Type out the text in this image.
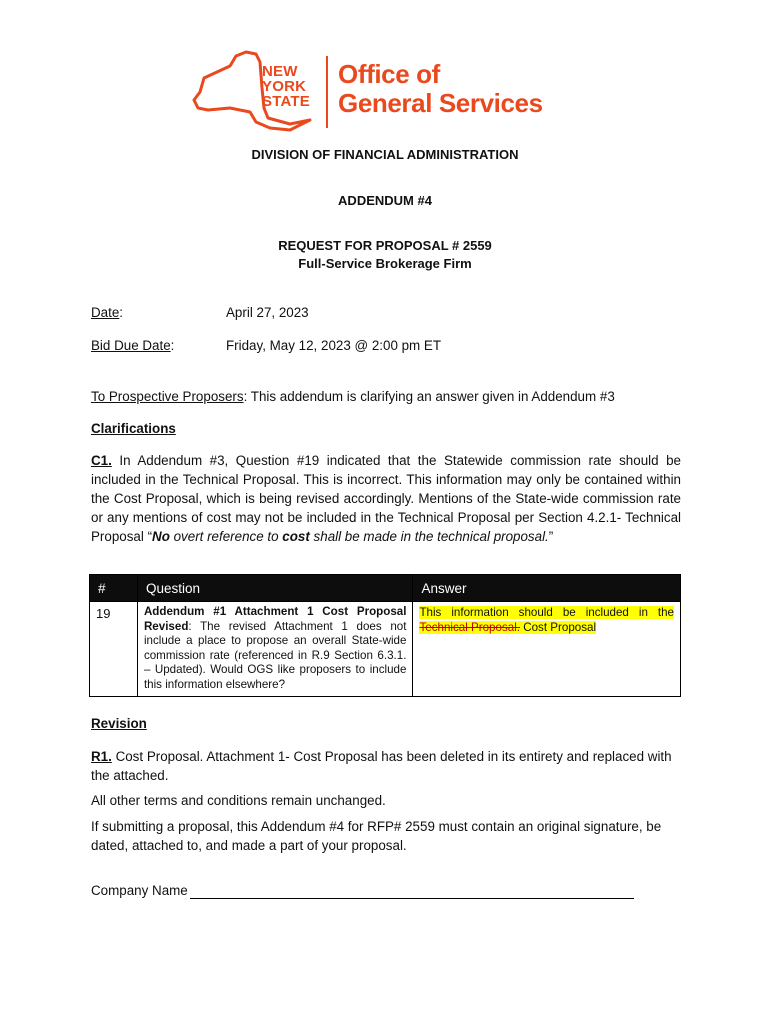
NEW
YORK
STATE
Office of
General Services
DIVISION OF FINANCIAL ADMINISTRATION
ADDENDUM #4
REQUEST FOR PROPOSAL # 2559
Full-Service Brokerage Firm
Date:	April 27, 2023
Bid Due Date:	Friday, May 12, 2023 @ 2:00 pm ET
To Prospective Proposers: This addendum is clarifying an answer given in Addendum #3
Clarifications
C1. In Addendum #3, Question #19 indicated that the Statewide commission rate should be included in the Technical Proposal. This is incorrect. This information may only be contained within the Cost Proposal, which is being revised accordingly. Mentions of the State-wide commission rate or any mentions of cost may not be included in the Technical Proposal per Section 4.2.1- Technical Proposal “No overt reference to cost shall be made in the technical proposal.”
#	Question	Answer
19	Addendum #1 Attachment 1 Cost Proposal Revised: The revised Attachment 1 does not include a place to propose an overall State-wide commission rate (referenced in R.9 Section 6.3.1. – Updated). Would OGS like proposers to include this information elsewhere?	This information should be included in the Technical Proposal. Cost Proposal
Revision
R1. Cost Proposal. Attachment 1- Cost Proposal has been deleted in its entirety and replaced with the attached.
All other terms and conditions remain unchanged.
If submitting a proposal, this Addendum #4 for RFP# 2559 must contain an original signature, be dated, attached to, and made a part of your proposal.
Company Name
